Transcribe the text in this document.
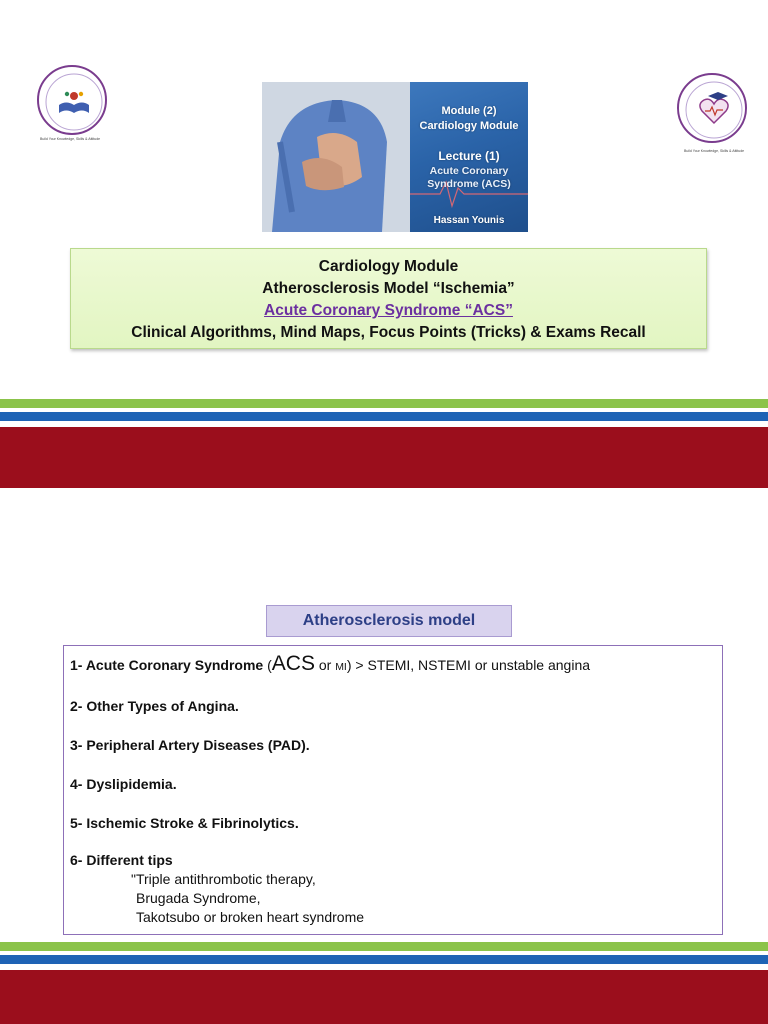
Build Your Knowledge, Skills & Attitude
Build Your Knowledge, Skills & Attitude
Module (2)
Cardiology Module
Lecture (1)
Acute Coronary
Syndrome (ACS)
Hassan Younis
Cardiology Module
Atherosclerosis Model “Ischemia”
Acute Coronary Syndrome “ACS”
Clinical Algorithms, Mind Maps, Focus Points (Tricks) & Exams Recall
Atherosclerosis model
1- Acute Coronary Syndrome (ACS or MI) > STEMI, NSTEMI or unstable angina
2- Other Types of Angina.
3- Peripheral Artery Diseases (PAD).
4- Dyslipidemia.
5- Ischemic Stroke & Fibrinolytics.
6- Different tips
"Triple antithrombotic therapy,
Brugada Syndrome,
Takotsubo or broken heart syndrome
